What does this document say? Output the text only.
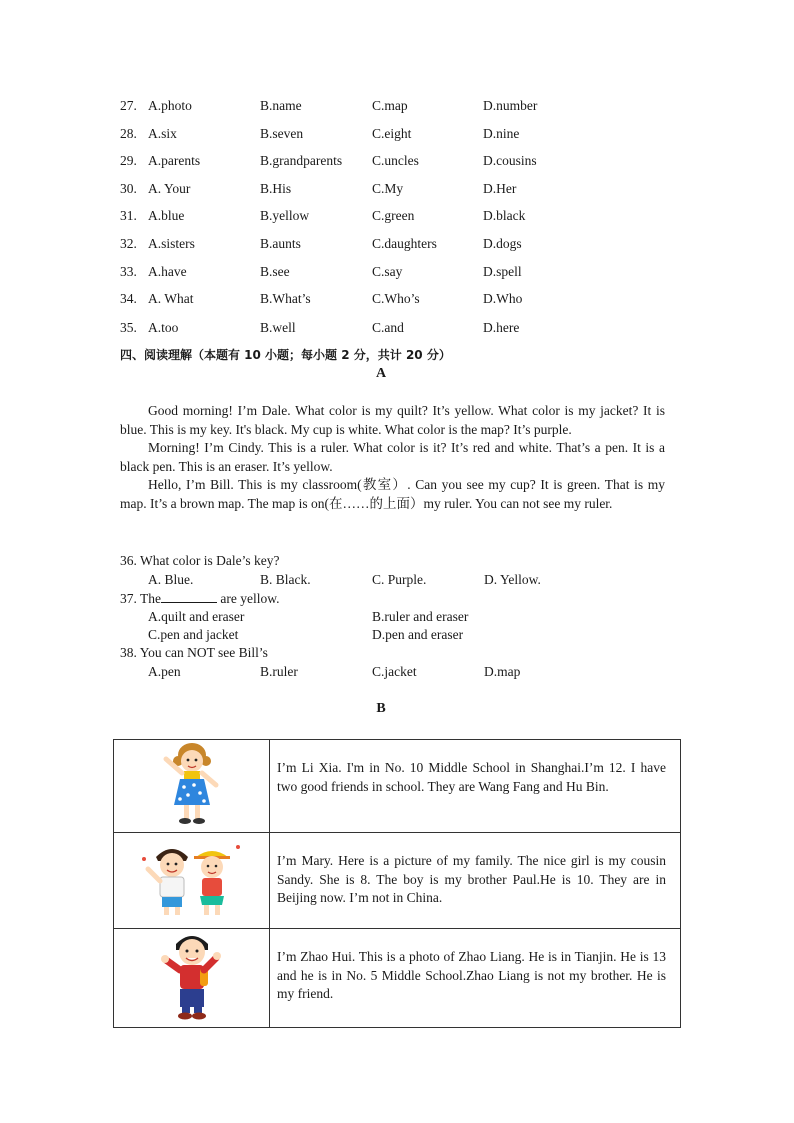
27. A.photo	B.name	C.map	D.number
28. A.six	B.seven	C.eight	D.nine
29. A.parents	B.grandparents C.uncles	D.cousins
30. A. Your	B.His	C.My	D.Her
31. A.blue	B.yellow	C.green	D.black
32. A.sisters	B.aunts	C.daughters	D.dogs
33. A.have	B.see	C.say	D.spell
34. A. What	B.What’s	C.Who’s	D.Who
35. A.too	B.well	C.and	D.here
四、阅读理解（本题有 10 小题；每小题 2 分，共计 20 分）
A

Good morning! I’m Dale. What color is my quilt? It’s yellow. What color is my jacket? It is blue. This is my key. It's black. My cup is white. What color is the map? It’s purple.

Morning! I’m Cindy. This is a ruler. What color is it? It’s red and white. That’s a pen. It is a black pen. This is an eraser. It’s yellow.

Hello, I’m Bill. This is my classroom(教室）. Can you see my cup? It is green. That is my map. It’s a brown map. The map is on(在……的上面）my ruler. You can not see my ruler.

36. What color is Dale’s key?
A. Blue.	B. Black.	C. Purple.	D. Yellow.
37. The	are yellow.
A.quilt and eraser	B.ruler and eraser
C.pen and jacket	D.pen and eraser
38. You can NOT see Bill’s
A.pen	B.ruler	C.jacket	D.map
B
	I’m Li Xia. I'm in No. 10 Middle School in Shanghai.I’m 12. I have two good friends in school. They are Wang Fang and Hu Bin.
	I’m Mary. Here is a picture of my family. The nice girl is my cousin Sandy. She is 8. The boy is my brother Paul.He is 10. They are in Beijing now. I’m not in China.
	I’m Zhao Hui. This is a photo of Zhao Liang. He is in Tianjin. He is 13 and he is in No. 5 Middle School.Zhao Liang is not my brother. He is my friend.
